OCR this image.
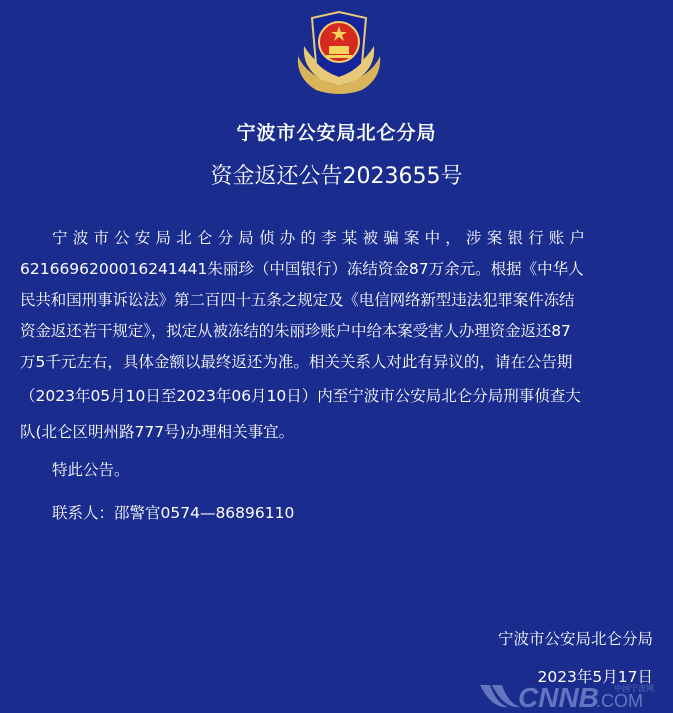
宁波市公安局北仑分局
资金返还公告2023655号
宁波市公安局北仑分局侦办的李某被骗案中，涉案银行账户
6216696200016241441朱丽珍（中国银行）冻结资金87万余元。根据《中华人
民共和国刑事诉讼法》第二百四十五条之规定及《电信网络新型违法犯罪案件冻结
资金返还若干规定》，拟定从被冻结的朱丽珍账户中给本案受害人办理资金返还87
万5千元左右，具体金额以最终返还为准。相关关系人对此有异议的，请在公告期
（2023年05月10日至2023年06月10日）内至宁波市公安局北仑分局刑事侦查大
队(北仑区明州路777号)办理相关事宜。
特此公告。
联系人：邵警官0574—86896110
宁波市公安局北仑分局
2023年5月17日
CNNB
.COM
中国宁波网
